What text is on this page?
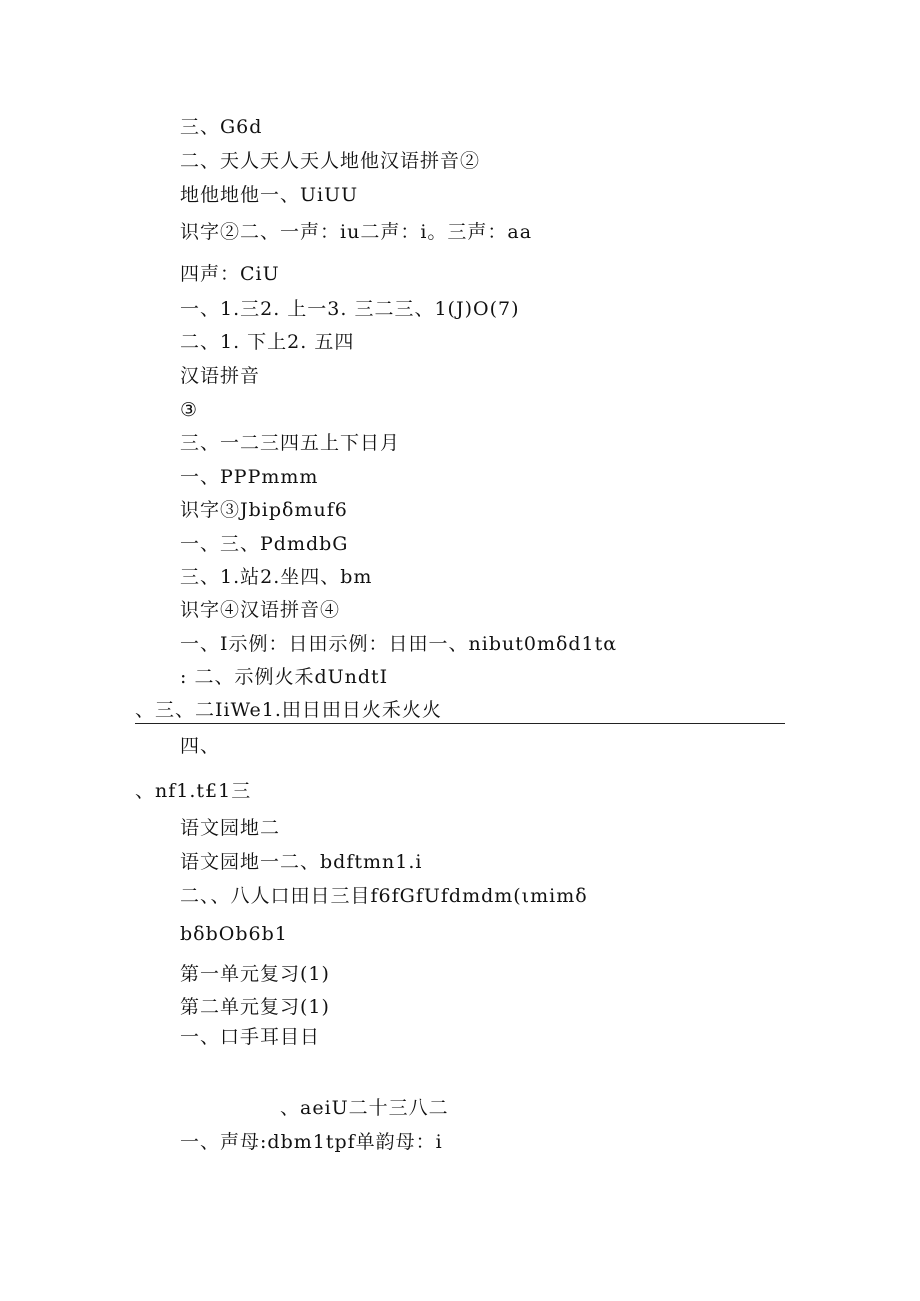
三、G6d
二、天人天人天人地他汉语拼音②
地他地他一、UiUU
识字②二、一声：iu二声：i。三声：aa
四声：CiU
一、1.三2. 上一3. 三二三、1(J)O(7)
二、1. 下上2. 五四
汉语拼音
③
三、一二三四五上下日月
一、PPPmmm
识字③Jbipδmuf6
一、三、PdmdbG
三、1.站2.坐四、bm
识字④汉语拼音④
一、I示例：日田示例：日田一、nibut0mδd1tα
: 二、示例火禾dUndtI
、三、二IiWe1.田日田日火禾火火
四、
、nf1.t£1三
语文园地二
语文园地一二、bdftmn1.i
二、、八人口田日三目f6fGfUfdmdm(ιmimδ
bδbOb6b1
第一单元复习(1)
第二单元复习(1)
一、口手耳目日
、aeiU二十三八二
一、声母:dbm1tpf单韵母：i
